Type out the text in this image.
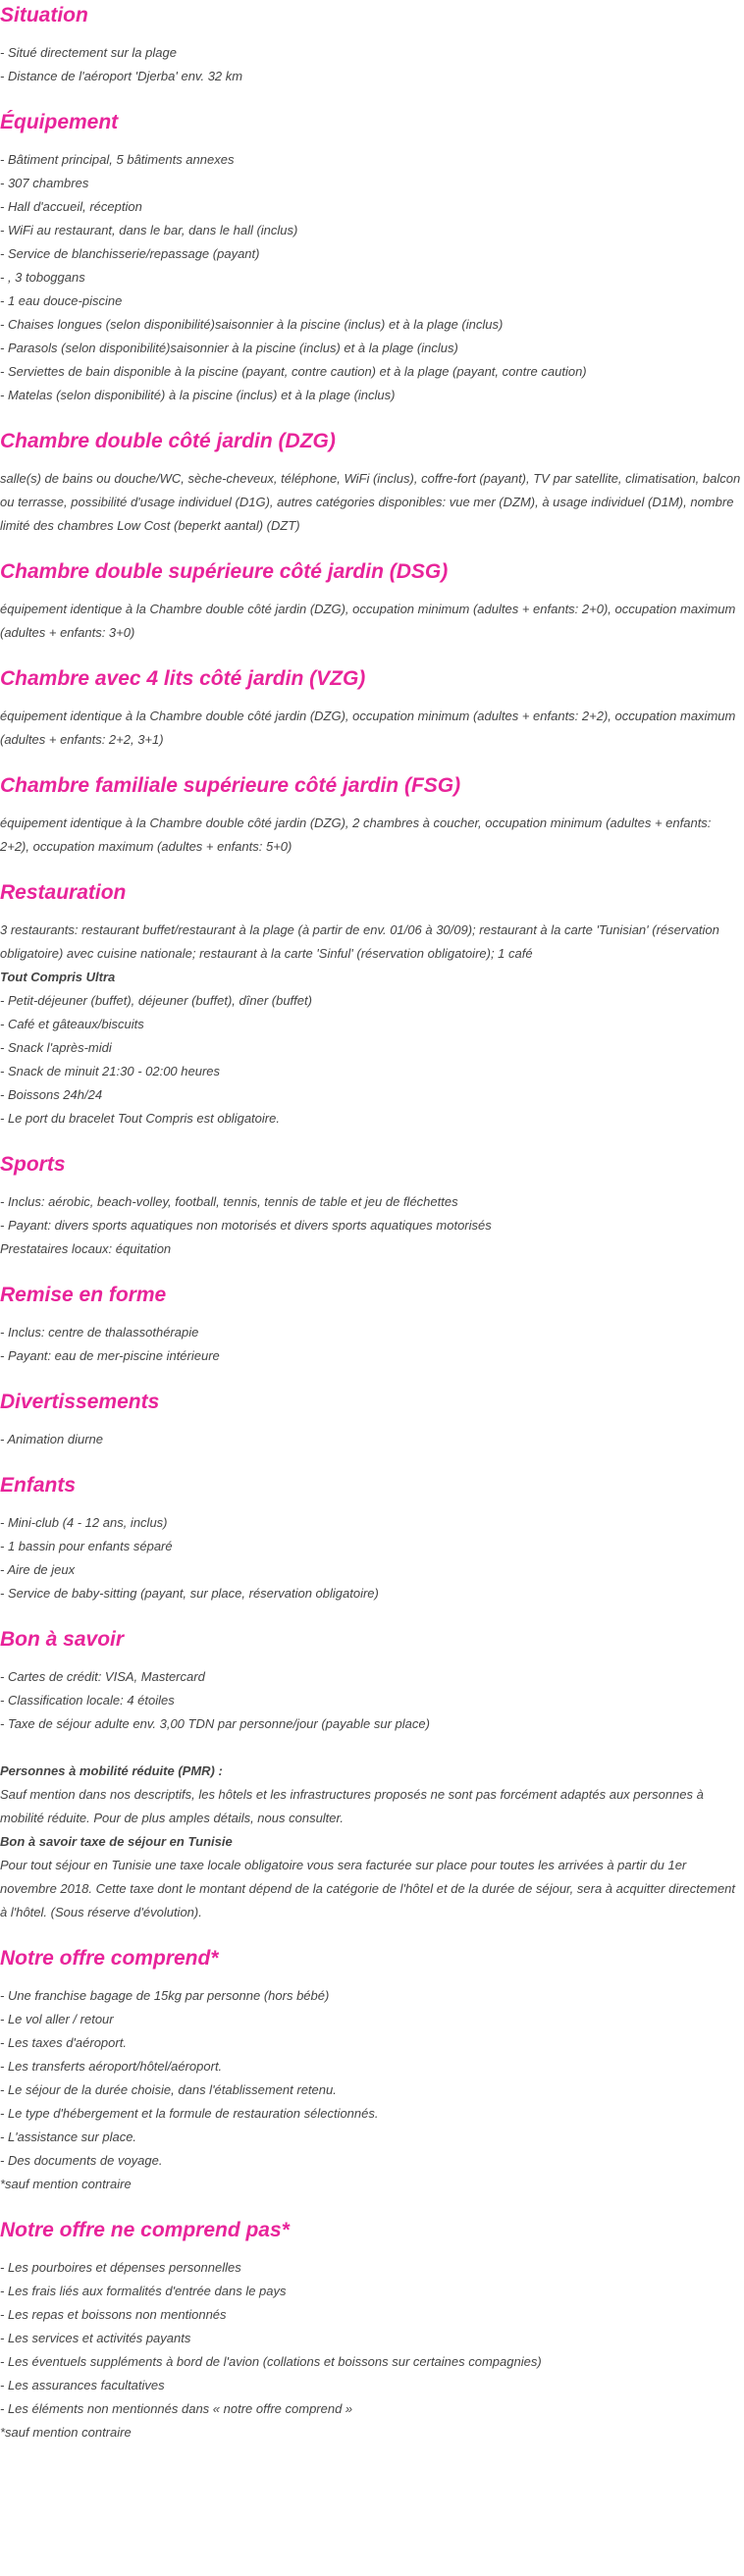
Situation
- Situé directement sur la plage
- Distance de l'aéroport 'Djerba' env. 32 km
Équipement
- Bâtiment principal, 5 bâtiments annexes
- 307 chambres
- Hall d'accueil, réception
- WiFi au restaurant, dans le bar, dans le hall (inclus)
- Service de blanchisserie/repassage (payant)
- , 3 toboggans
- 1 eau douce-piscine
- Chaises longues (selon disponibilité)saisonnier à la piscine (inclus) et à la plage (inclus)
- Parasols (selon disponibilité)saisonnier à la piscine (inclus) et à la plage (inclus)
- Serviettes de bain disponible à la piscine (payant, contre caution) et à la plage (payant, contre caution)
- Matelas (selon disponibilité) à la piscine (inclus) et à la plage (inclus)
Chambre double côté jardin (DZG)
salle(s) de bains ou douche/WC, sèche-cheveux, téléphone, WiFi (inclus), coffre-fort (payant), TV par satellite, climatisation, balcon ou terrasse, possibilité d'usage individuel (D1G), autres catégories disponibles: vue mer (DZM), à usage individuel (D1M), nombre limité des chambres Low Cost (beperkt aantal) (DZT)
Chambre double supérieure côté jardin (DSG)
équipement identique à la Chambre double côté jardin (DZG), occupation minimum (adultes + enfants: 2+0), occupation maximum (adultes + enfants: 3+0)
Chambre avec 4 lits côté jardin (VZG)
équipement identique à la Chambre double côté jardin (DZG), occupation minimum (adultes + enfants: 2+2), occupation maximum (adultes + enfants: 2+2, 3+1)
Chambre familiale supérieure côté jardin (FSG)
équipement identique à la Chambre double côté jardin (DZG), 2 chambres à coucher, occupation minimum (adultes + enfants: 2+2), occupation maximum (adultes + enfants: 5+0)
Restauration
3 restaurants: restaurant buffet/restaurant à la plage (à partir de env. 01/06 à 30/09); restaurant à la carte 'Tunisian' (réservation obligatoire) avec cuisine nationale; restaurant à la carte 'Sinful' (réservation obligatoire); 1 café
Tout Compris Ultra
- Petit-déjeuner (buffet), déjeuner (buffet), dîner (buffet)
- Café et gâteaux/biscuits
- Snack l'après-midi
- Snack de minuit 21:30 - 02:00 heures
- Boissons 24h/24
- Le port du bracelet Tout Compris est obligatoire.
Sports
- Inclus: aérobic, beach-volley, football, tennis, tennis de table et jeu de fléchettes
- Payant: divers sports aquatiques non motorisés et divers sports aquatiques motorisés
Prestataires locaux: équitation
Remise en forme
- Inclus: centre de thalassothérapie
- Payant: eau de mer-piscine intérieure
Divertissements
- Animation diurne
Enfants
- Mini-club (4 - 12 ans, inclus)
- 1 bassin pour enfants séparé
- Aire de jeux
- Service de baby-sitting (payant, sur place, réservation obligatoire)
Bon à savoir
- Cartes de crédit: VISA, Mastercard
- Classification locale: 4 étoiles
- Taxe de séjour adulte env. 3,00 TDN par personne/jour (payable sur place)
Personnes à mobilité réduite (PMR) :
Sauf mention dans nos descriptifs, les hôtels et les infrastructures proposés ne sont pas forcément adaptés aux personnes à mobilité réduite. Pour de plus amples détails, nous consulter.
Bon à savoir taxe de séjour en Tunisie
Pour tout séjour en Tunisie une taxe locale obligatoire vous sera facturée sur place pour toutes les arrivées à partir du 1er novembre 2018. Cette taxe dont le montant dépend de la catégorie de l'hôtel et de la durée de séjour, sera à acquitter directement à l'hôtel. (Sous réserve d'évolution).
Notre offre comprend*
- Une franchise bagage de 15kg par personne (hors bébé)
- Le vol aller / retour
- Les taxes d'aéroport.
- Les transferts aéroport/hôtel/aéroport.
- Le séjour de la durée choisie, dans l'établissement retenu.
- Le type d'hébergement et la formule de restauration sélectionnés.
- L'assistance sur place.
- Des documents de voyage.
*sauf mention contraire
Notre offre ne comprend pas*
- Les pourboires et dépenses personnelles
- Les frais liés aux formalités d'entrée dans le pays
- Les repas et boissons non mentionnés
- Les services et activités payants
- Les éventuels suppléments à bord de l'avion (collations et boissons sur certaines compagnies)
- Les assurances facultatives
- Les éléments non mentionnés dans « notre offre comprend »
*sauf mention contraire
